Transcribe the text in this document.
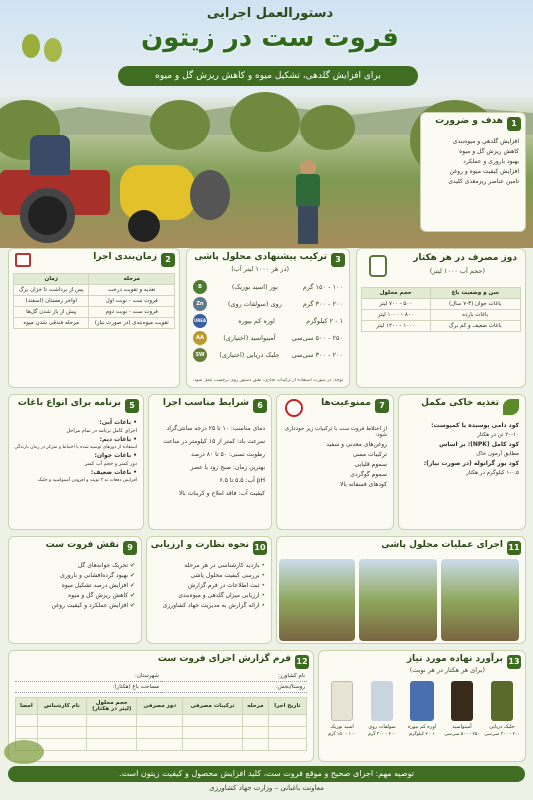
دستورالعمل اجرایی
فروت ست در زیتون
برای افزایش گلدهی، تشکیل میوه و کاهش ریزش گل و میوه
1
هدف و ضرورت
افزایش گلدهی و میوه‌بندی
کاهش ریزش گل و میوه
بهبود باروری و عملکرد
افزایش کیفیت میوه و روغن
تامین عناصر ریزمغذی کلیدی
2
زمان‌بندی اجرا
مرحله	زمان
تغذیه و تقویت درخت	پس از برداشت تا خزان برگ
فروت ست - نوبت اول	اواخر زمستان (اسفند)
فروت ست - نوبت دوم	پیش از باز شدن گل‌ها
تقویت میوه‌بندی (در صورت نیاز)	مرحله فندقی شدن میوه
3
ترکیب پیشنهادی محلول پاشی
(در هر ۱۰۰۰ لیتر آب)
۱۰۰ - ۱۵۰ گرم
بور (اسید بوریک)
B
۲۰۰ - ۳۰۰ گرم
روی (سولفات روی)
Zn
۱ - ۲ کیلوگرم
اوره کم بیوره
UREA
۲۵۰ - ۵۰۰ سی‌سی
آمینواسید (اختیاری)
AA
۲۰۰ - ۳۰۰ سی‌سی
جلبک دریایی (اختیاری)
SW
توجه: در صورت استفاده از ترکیبات تجاری، طبق دستور روی برچسب عمل شود.
دوز مصرف در هر هکتار
(حجم آب ۱۰۰۰ لیتر)
سن و وضعیت باغ	حجم محلول
باغات جوان (۳-۷ سال)	۵۰۰ - ۷۰۰ لیتر
باغات بارده	۸۰۰ - ۱۰۰۰ لیتر
باغات ضعیف و کم برگ	۱۰۰۰ - ۱۲۰۰ لیتر
5
برنامه برای انواع باغات
• باغات آبی:
اجرای کامل برنامه در تمام مراحل
• باغات دیم:
استفاده از دوزهای توصیه شده با احتیاط و تمرکز در زمان بارندگی
• باغات جوان:
دوز کمتر و حجم آب کمتر
• باغات ضعیف:
افزایش دفعات به ۳ نوبت و افزودن آمینواسید و جلبک
6
شرایط مناسب اجرا
دمای مناسب: ۱۰ تا ۲۵ درجه سانتی‌گراد
سرعت باد: کمتر از ۱۵ کیلومتر در ساعت
رطوبت نسبی: ۵۰ تا ۸۰ درصد
بهترین زمان: صبح زود یا عصر
pH آب: ۵.۵ تا ۶.۵
کیفیت آب: فاقد املاح و کربنات بالا
7
ممنوعیت‌ها
از اختلاط فروت ست با ترکیبات زیر خودداری شود:
روغن‌های معدنی و سفید
ترکیبات مسی
سموم قلیایی
سموم گوگردی
کودهای فسفاته بالا
تغذیه خاکی مکمل
کود دامی پوسیده یا کمپوست:
۲۰-۱۰ تن در هکتار
کود کامل (NPK): بر اساس
مطابق آزمون خاک
کود بور گرانوله (در صورت نیاز):
۱-۰.۵ کیلوگرم در هکتار
9
نقش فروت ست
✔ تحریک جوانه‌های گل
✔ بهبود گرده‌افشانی و باروری
✔ افزایش درصد تشکیل میوه
✔ کاهش ریزش گل و میوه
✔ افزایش عملکرد و کیفیت روغن
10
نحوه نظارت و ارزیابی
• بازدید کارشناسی در هر مرحله
• بررسی کیفیت محلول پاشی
• ثبت اطلاعات در فرم گزارش
• ارزیابی میزان گلدهی و میوه‌بندی
• ارائه گزارش به مدیریت جهاد کشاورزی
11
اجرای عملیات محلول پاشی
12
فرم گزارش اجرای فروت ست
نام کشاورز:
شهرستان:
روستا/بخش:
مساحت باغ (هکتار):
تاریخ اجرا	مرحله	ترکیبات مصرفی	دوز مصرفی	حجم محلول (لیتر در هکتار)	نام کارشناس	امضا

13
برآورد نهاده مورد نیاز
(برای هر هکتار در هر نوبت)
جلبک دریایی
۲۰۰ - ۳۰۰ سی‌سی
آمینواسید
۲۵۰ - ۵۰۰ سی‌سی
اوره کم بیوره
۱ - ۲ کیلوگرم
سولفات روی
۲۰۰ - ۳۰۰ گرم
اسید بوریک
۱۰۰ - ۱۵۰ گرم
توصیه مهم: اجرای صحیح و موقع فروت ست، کلید افزایش محصول و کیفیت زیتون است.
معاونت باغبانی – وزارت جهاد کشاورزی
